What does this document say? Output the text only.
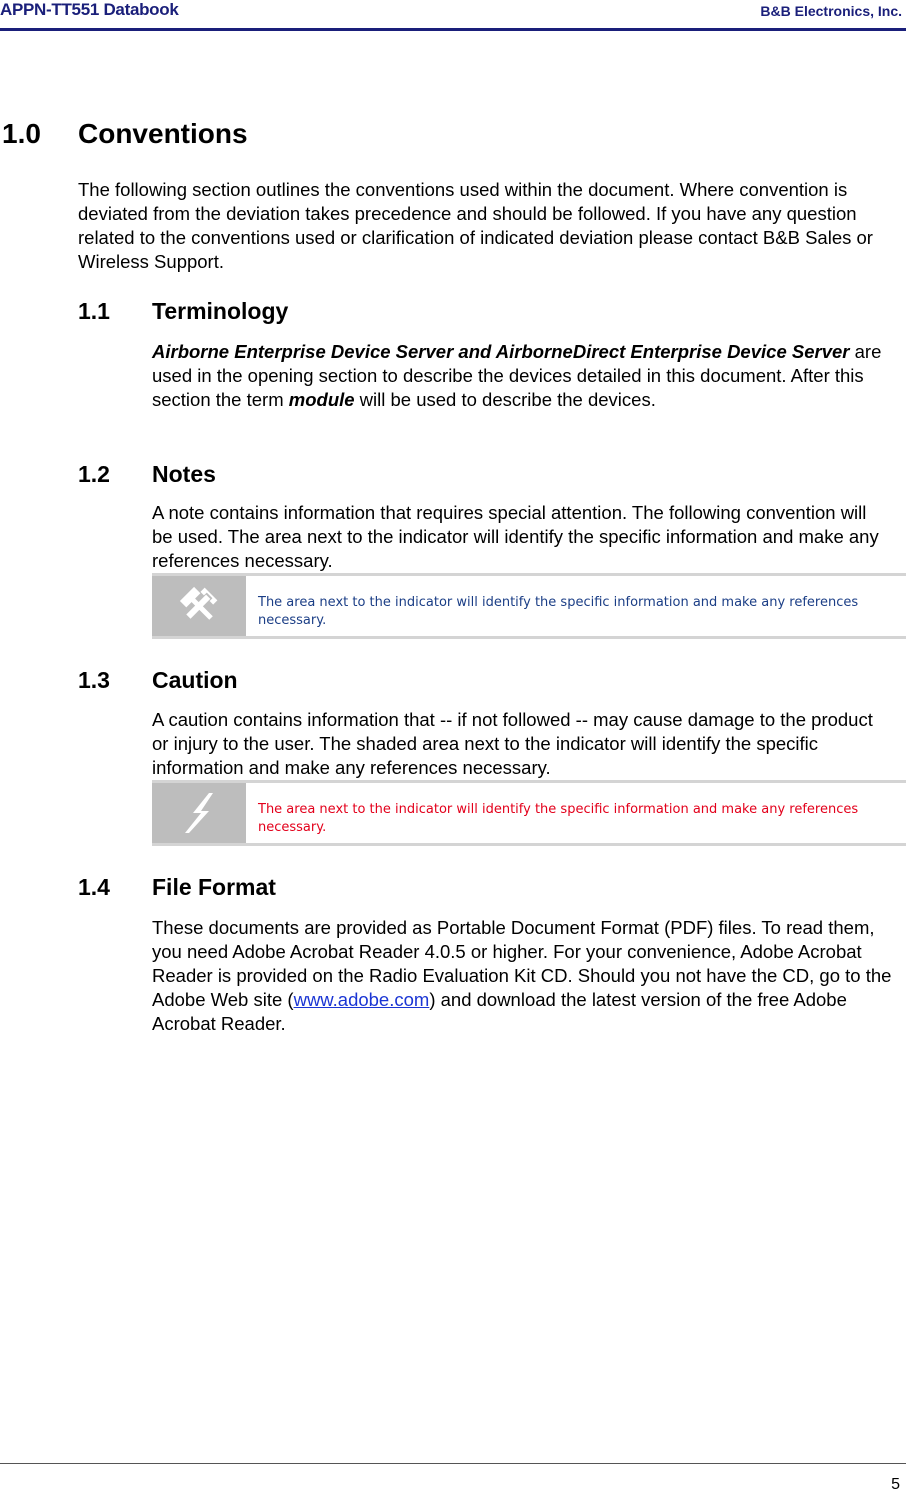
APPN-TT551 Databook	B&B Electronics, Inc.
1.0 Conventions
The following section outlines the conventions used within the document. Where convention is deviated from the deviation takes precedence and should be followed. If you have any question related to the conventions used or clarification of indicated deviation please contact B&B Sales or Wireless Support.
1.1 Terminology
Airborne Enterprise Device Server and AirborneDirect Enterprise Device Server are used in the opening section to describe the devices detailed in this document. After this section the term module will be used to describe the devices.
1.2 Notes
A note contains information that requires special attention. The following convention will be used. The area next to the indicator will identify the specific information and make any references necessary.
The area next to the indicator will identify the specific information and make any references necessary.
1.3 Caution
A caution contains information that -- if not followed -- may cause damage to the product or injury to the user. The shaded area next to the indicator will identify the specific information and make any references necessary.
The area next to the indicator will identify the specific information and make any references necessary.
1.4 File Format
These documents are provided as Portable Document Format (PDF) files. To read them, you need Adobe Acrobat Reader 4.0.5 or higher. For your convenience, Adobe Acrobat Reader is provided on the Radio Evaluation Kit CD. Should you not have the CD, go to the Adobe Web site (www.adobe.com) and download the latest version of the free Adobe Acrobat Reader.
5
